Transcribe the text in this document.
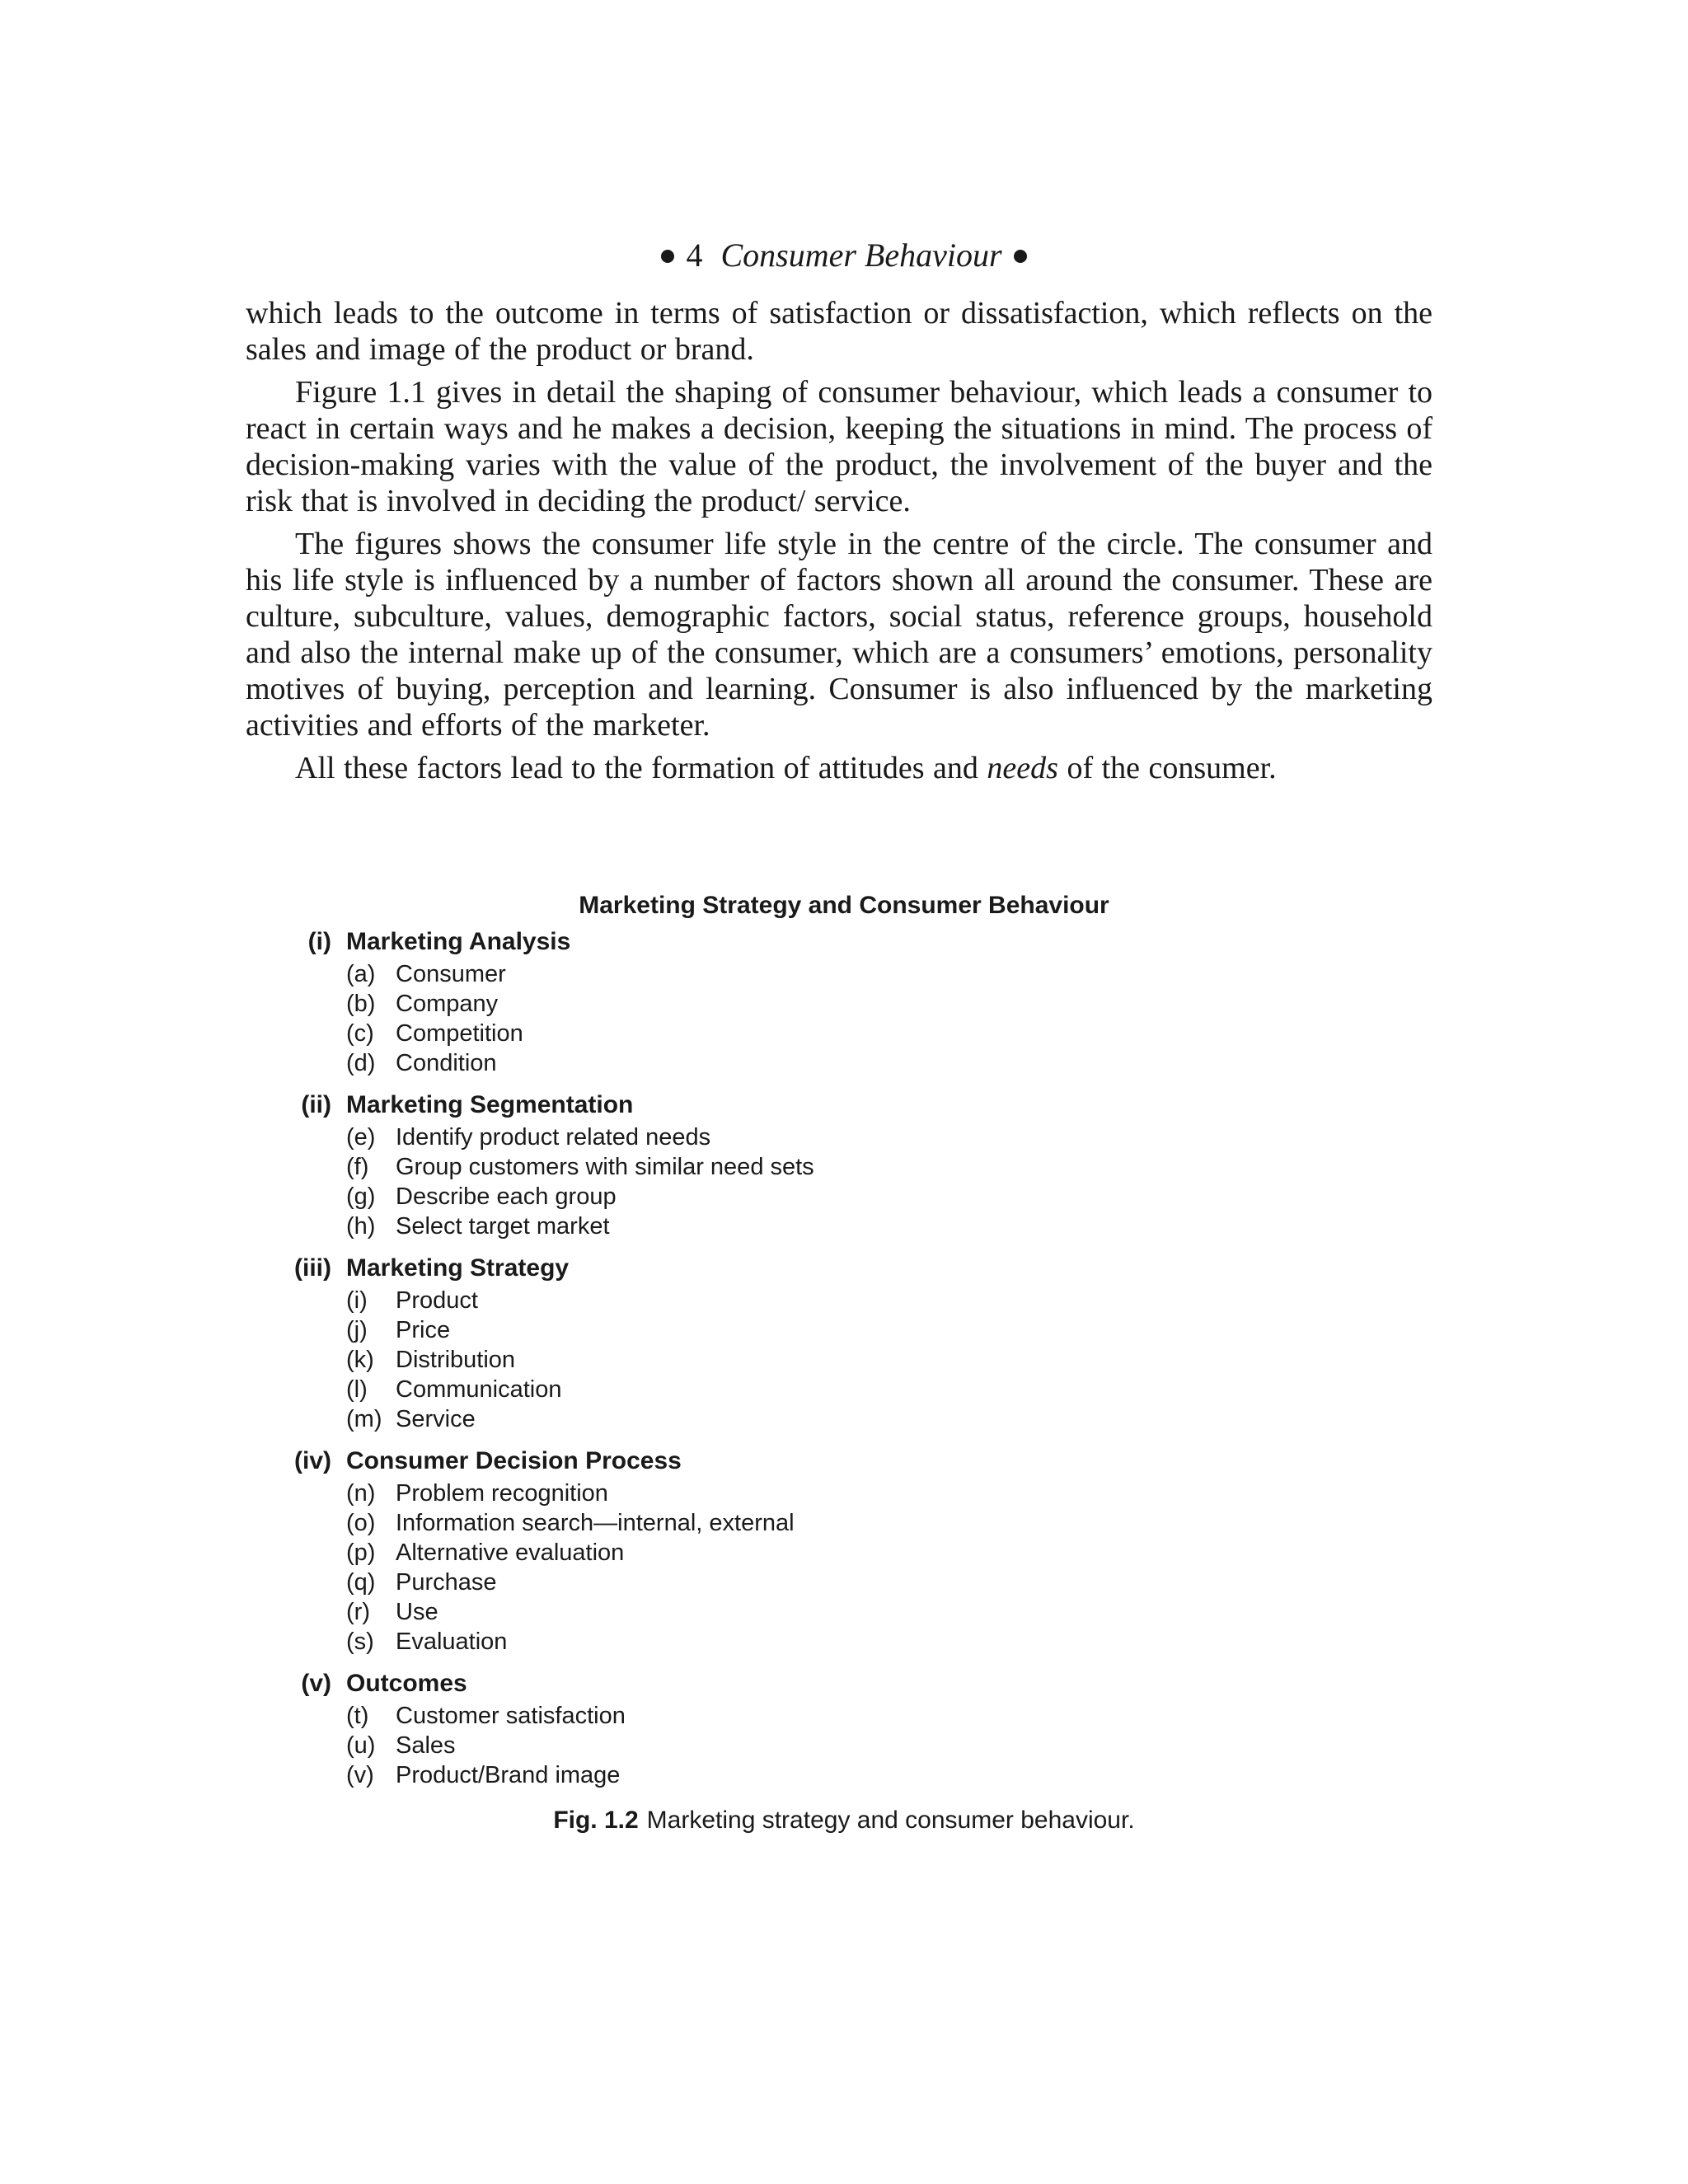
4 Consumer Behaviour

which leads to the outcome in terms of satisfaction or dissatisfaction, which reflects on the sales and image of the product or brand.

Figure 1.1 gives in detail the shaping of consumer behaviour, which leads a consumer to react in certain ways and he makes a decision, keeping the situations in mind. The process of decision-making varies with the value of the product, the involvement of the buyer and the risk that is involved in deciding the product/ service.

The figures shows the consumer life style in the centre of the circle. The consumer and his life style is influenced by a number of factors shown all around the consumer. These are culture, subculture, values, demographic factors, social status, reference groups, household and also the internal make up of the consumer, which are a consumers’ emotions, personality motives of buying, perception and learning. Consumer is also influenced by the marketing activities and efforts of the marketer.

All these factors lead to the formation of attitudes and needs of the consumer.

Marketing Strategy and Consumer Behaviour
(i) Marketing Analysis
(a) Consumer
(b) Company
(c) Competition
(d) Condition
(ii) Marketing Segmentation
(e) Identify product related needs
(f)	Group customers with similar need sets
(g) Describe each group
(h) Select target market
(iii) Marketing Strategy
(i)	Product
(j)	Price
(k) Distribution
(l)	Communication
(m) Service
(iv) Consumer Decision Process
(n) Problem recognition
(o) Information search—internal, external
(p) Alternative evaluation
(q) Purchase
(r)	Use
(s) Evaluation
(v) Outcomes
(t)	Customer satisfaction
(u) Sales
(v) Product/Brand image
Fig. 1.2 Marketing strategy and consumer behaviour.
